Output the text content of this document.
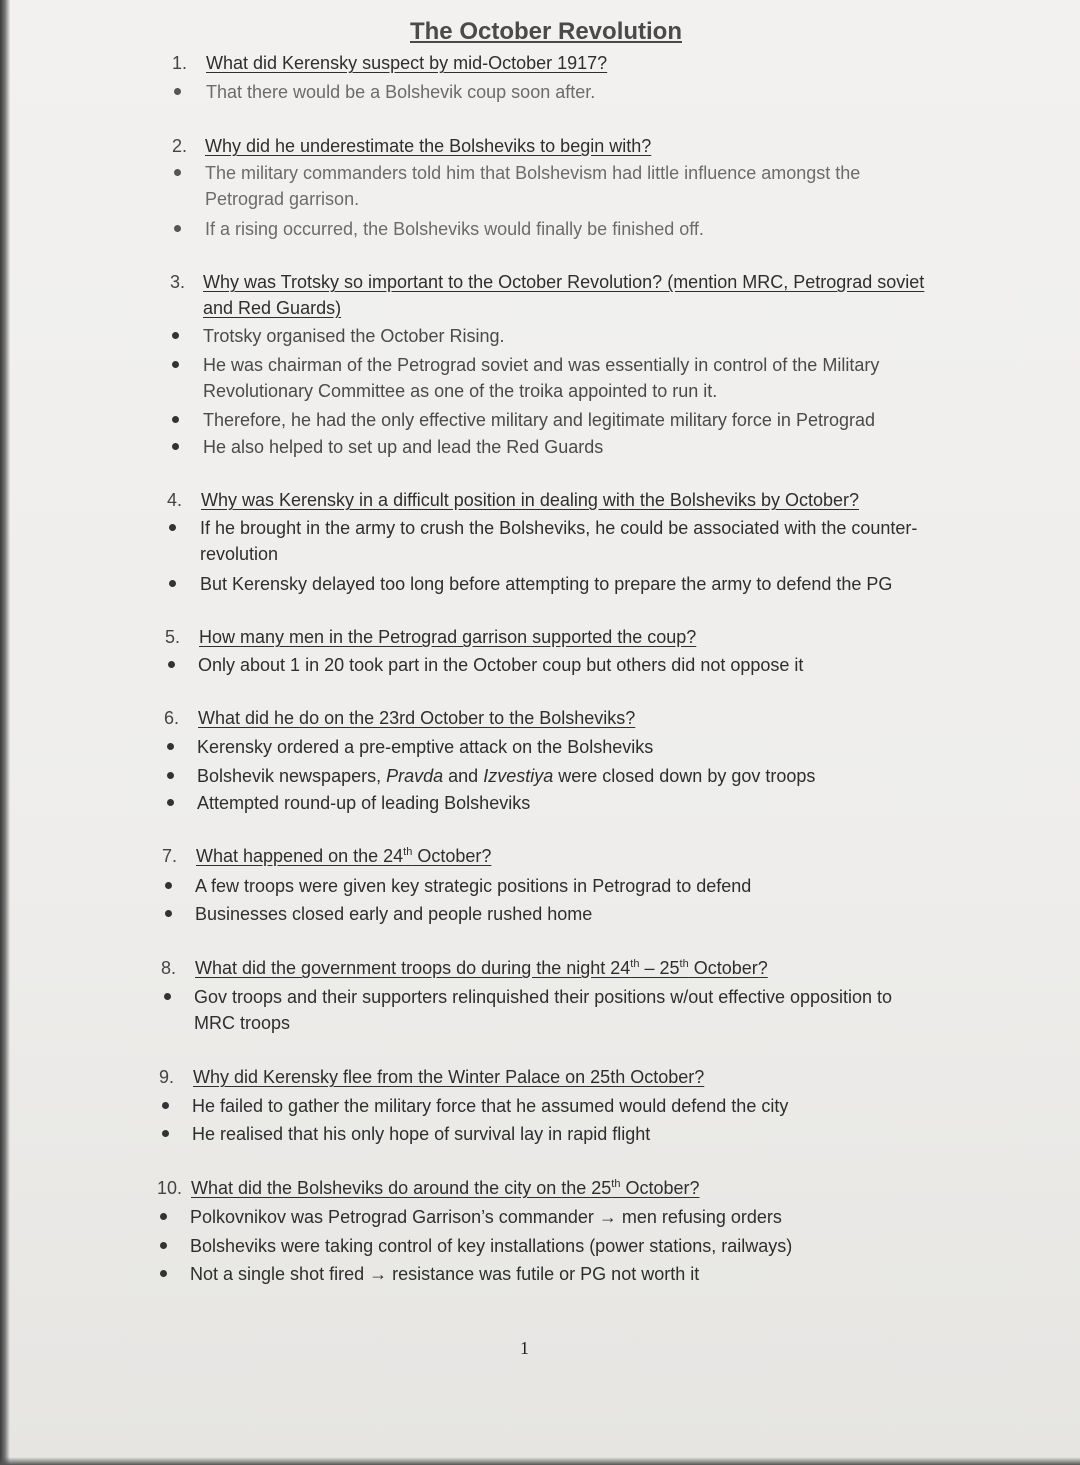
The October Revolution
1. What did Kerensky suspect by mid-October 1917?
That there would be a Bolshevik coup soon after.
2. Why did he underestimate the Bolsheviks to begin with?
The military commanders told him that Bolshevism had little influence amongst the Petrograd garrison.
If a rising occurred, the Bolsheviks would finally be finished off.
3. Why was Trotsky so important to the October Revolution? (mention MRC, Petrograd soviet and Red Guards)
Trotsky organised the October Rising.
He was chairman of the Petrograd soviet and was essentially in control of the Military Revolutionary Committee as one of the troika appointed to run it.
Therefore, he had the only effective military and legitimate military force in Petrograd
He also helped to set up and lead the Red Guards
4. Why was Kerensky in a difficult position in dealing with the Bolsheviks by October?
If he brought in the army to crush the Bolsheviks, he could be associated with the counter-revolution
But Kerensky delayed too long before attempting to prepare the army to defend the PG
5. How many men in the Petrograd garrison supported the coup?
Only about 1 in 20 took part in the October coup but others did not oppose it
6. What did he do on the 23rd October to the Bolsheviks?
Kerensky ordered a pre-emptive attack on the Bolsheviks
Bolshevik newspapers, Pravda and Izvestiya were closed down by gov troops
Attempted round-up of leading Bolsheviks
7. What happened on the 24th October?
A few troops were given key strategic positions in Petrograd to defend
Businesses closed early and people rushed home
8. What did the government troops do during the night 24th – 25th October?
Gov troops and their supporters relinquished their positions w/out effective opposition to MRC troops
9. Why did Kerensky flee from the Winter Palace on 25th October?
He failed to gather the military force that he assumed would defend the city
He realised that his only hope of survival lay in rapid flight
10. What did the Bolsheviks do around the city on the 25th October?
Polkovnikov was Petrograd Garrison’s commander → men refusing orders
Bolsheviks were taking control of key installations (power stations, railways)
Not a single shot fired → resistance was futile or PG not worth it
1
